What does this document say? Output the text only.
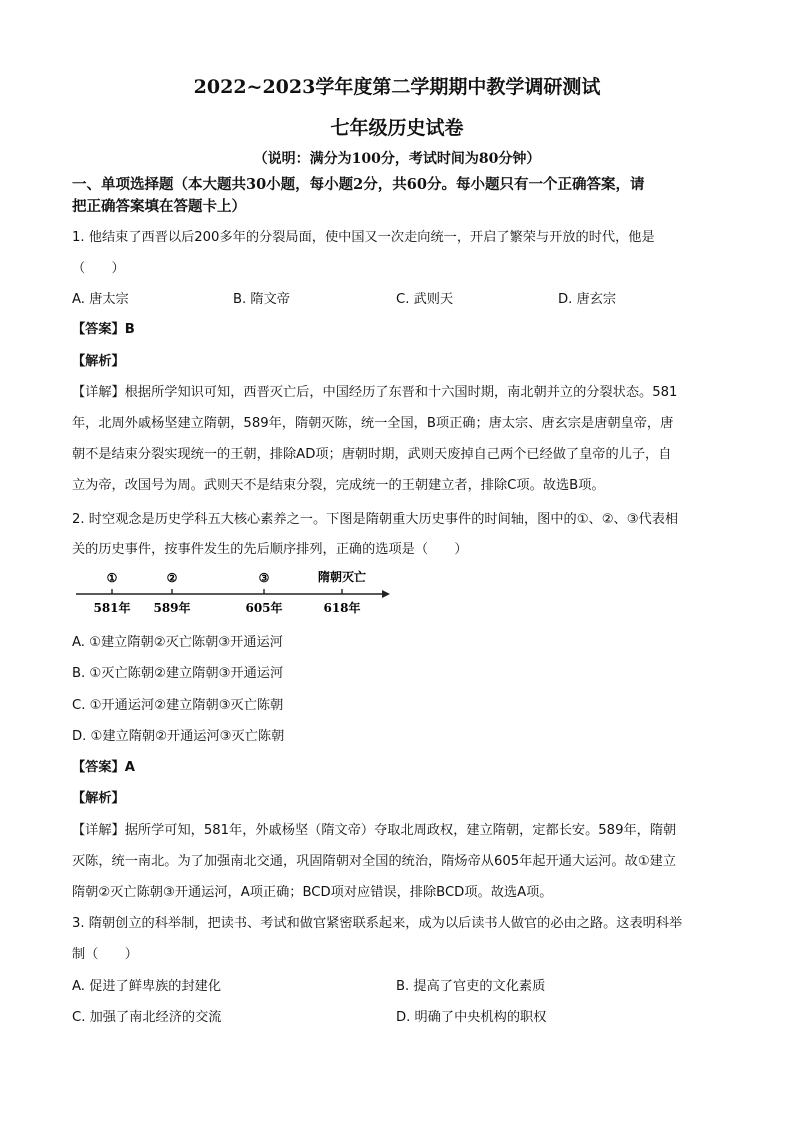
2022~2023学年度第二学期期中教学调研测试
七年级历史试卷
（说明：满分为100分，考试时间为80分钟）
一、单项选择题（本大题共30小题，每小题2分，共60分。每小题只有一个正确答案，请
把正确答案填在答题卡上）
1. 他结束了西晋以后200多年的分裂局面，使中国又一次走向统一，开启了繁荣与开放的时代，他是
（　　）
A. 唐太宗	B. 隋文帝	C. 武则天	D. 唐玄宗
【答案】B
【解析】
【详解】根据所学知识可知，西晋灭亡后，中国经历了东晋和十六国时期，南北朝并立的分裂状态。581
年，北周外戚杨坚建立隋朝，589年，隋朝灭陈，统一全国，B项正确；唐太宗、唐玄宗是唐朝皇帝，唐
朝不是结束分裂实现统一的王朝，排除AD项；唐朝时期，武则天废掉自己两个已经做了皇帝的儿子，自
立为帝，改国号为周。武则天不是结束分裂，完成统一的王朝建立者，排除C项。故选B项。
2. 时空观念是历史学科五大核心素养之一。下图是隋朝重大历史事件的时间轴，图中的①、②、③代表相
关的历史事件，按事件发生的先后顺序排列，正确的选项是（　　）
①	②	③	隋朝灭亡
581年 589年	605年	618年
A. ①建立隋朝②灭亡陈朝③开通运河
B. ①灭亡陈朝②建立隋朝③开通运河
C. ①开通运河②建立隋朝③灭亡陈朝
D. ①建立隋朝②开通运河③灭亡陈朝
【答案】A
【解析】
【详解】据所学可知，581年，外戚杨坚（隋文帝）夺取北周政权，建立隋朝，定都长安。589年，隋朝
灭陈，统一南北。为了加强南北交通，巩固隋朝对全国的统治，隋炀帝从605年起开通大运河。故①建立
隋朝②灭亡陈朝③开通运河，A项正确；BCD项对应错误，排除BCD项。故选A项。
3. 隋朝创立的科举制，把读书、考试和做官紧密联系起来，成为以后读书人做官的必由之路。这表明科举
制（　　）
A. 促进了鲜卑族的封建化	B. 提高了官吏的文化素质
C. 加强了南北经济的交流	D. 明确了中央机构的职权
